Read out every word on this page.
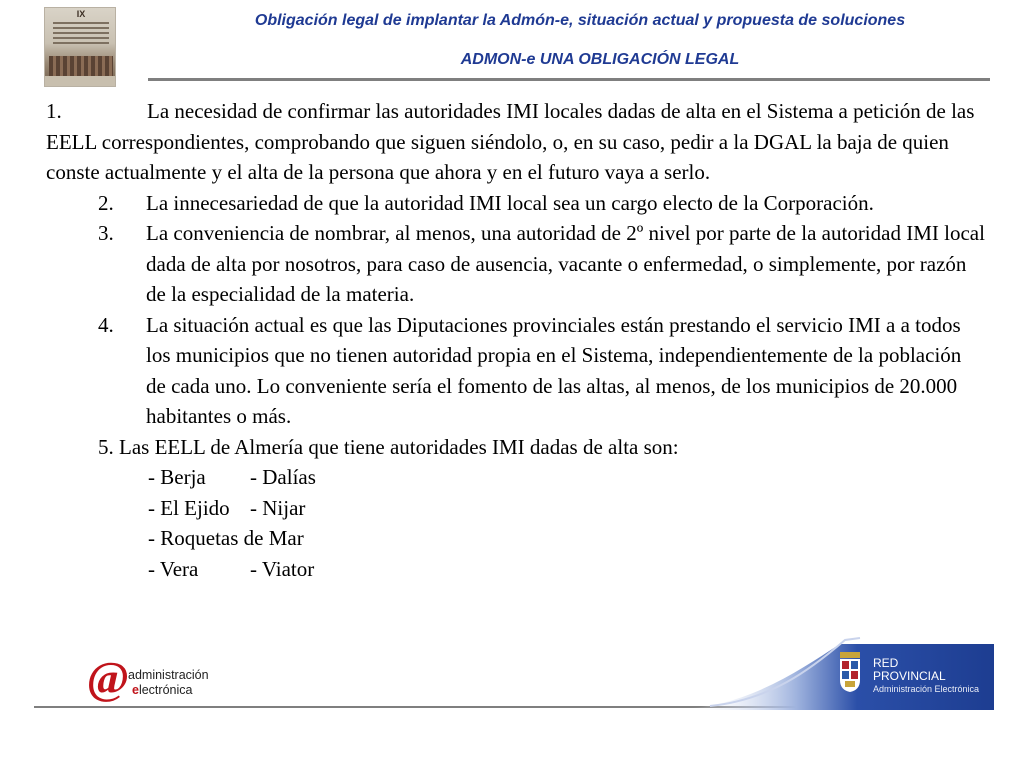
IX	Obligación legal de implantar la Admón-e, situación actual y propuesta de soluciones
ADMON-e UNA OBLIGACIÓN LEGAL

1.	La necesidad de confirmar las autoridades IMI locales dadas de alta en el Sistema a petición de las EELL correspondientes, comprobando que siguen siéndolo, o, en su caso, pedir a la DGAL la baja de quien conste actualmente y el alta de la persona que ahora y en el futuro vaya a serlo.

2.	La innecesariedad de que la autoridad IMI local sea un cargo electo de la Corporación.

3.	La conveniencia de nombrar, al menos, una autoridad de 2º nivel por parte de la autoridad IMI local dada de alta por nosotros, para caso de ausencia, vacante o enfermedad, o simplemente, por razón de la especialidad de la materia.

4.	La situación actual es que las Diputaciones provinciales están prestando el servicio IMI a a todos los municipios que no tienen autoridad propia en el Sistema, independientemente de la población de cada uno. Lo conveniente sería el fomento de las altas, al menos, de los municipios de 20.000 habitantes o más.

5. Las EELL de Almería que tiene autoridades IMI dadas de alta son:

- Berja	- Dalías
- El Ejido - Nijar
- Roquetas de Mar
- Vera	- Viator
@
administración
electrónica
RED
PROVINCIAL
Administración Electrónica
